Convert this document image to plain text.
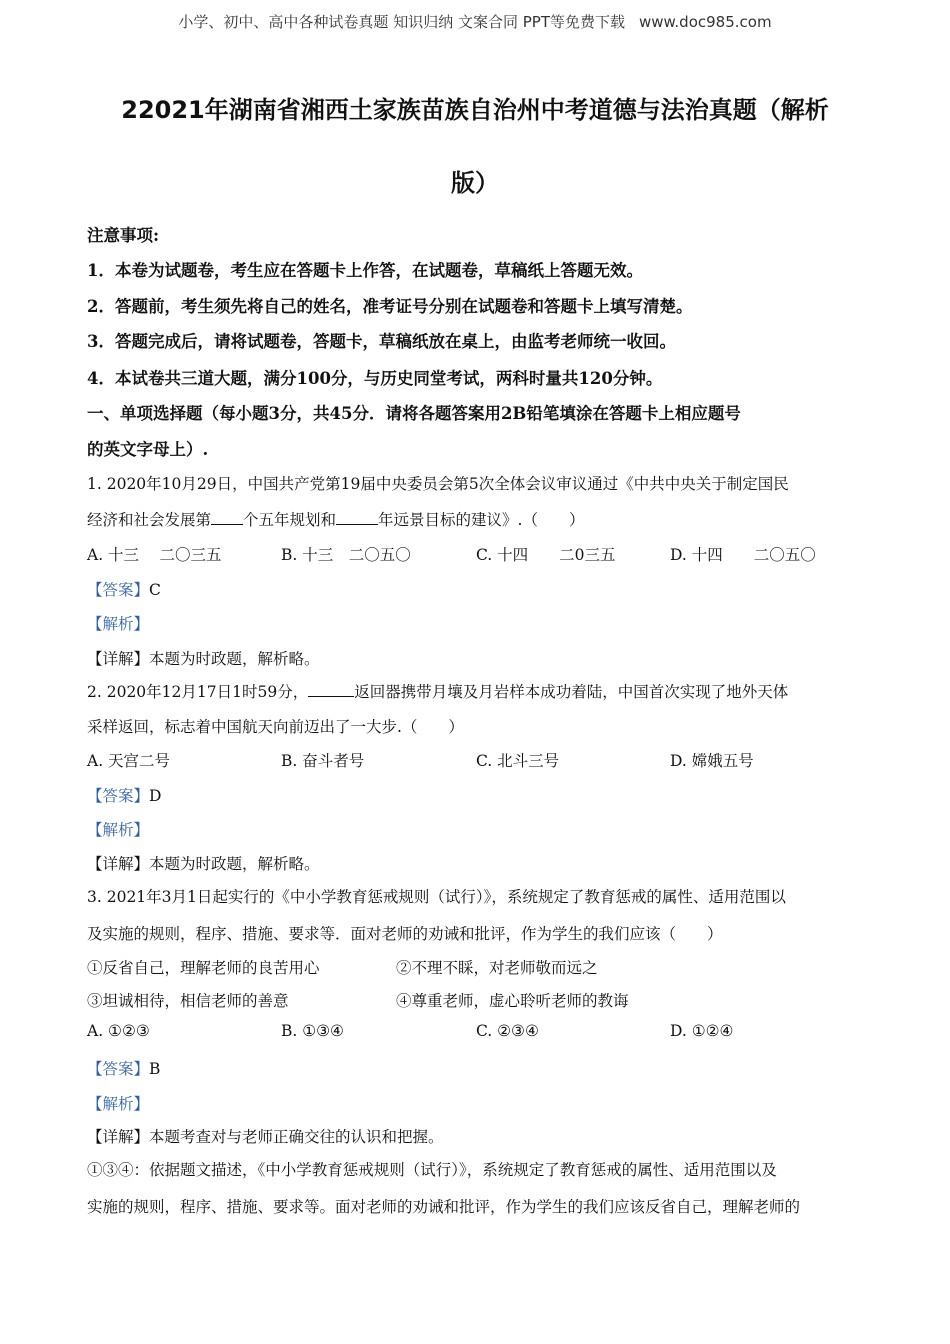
小学、初中、高中各种试卷真题 知识归纳 文案合同 PPT等免费下载 www.doc985.com
22021年湖南省湘西土家族苗族自治州中考道德与法治真题（解析
版）
注意事项:
1．本卷为试题卷，考生应在答题卡上作答，在试题卷，草稿纸上答题无效。
2．答题前，考生须先将自己的姓名，准考证号分别在试题卷和答题卡上填写清楚。
3．答题完成后，请将试题卷，答题卡，草稿纸放在桌上，由监考老师统一收回。
4．本试卷共三道大题，满分100分，与历史同堂考试，两科时量共120分钟。
一、单项选择题（每小题3分，共45分．请将各题答案用2B铅笔填涂在答题卡上相应题号
的英文字母上）.
1. 2020年10月29日，中国共产党第19届中央委员会第5次全体会议审议通过《中共中央关于制定国民
经济和社会发展第 个五年规划和	年远景目标的建议》.（　　）
A. 十三　 二〇三五	B. 十三　二〇五〇	C. 十四　　二0三五	D. 十四　　二〇五〇
【答案】C
【解析】
【详解】本题为时政题，解析略。
2. 2020年12月17日1时59分，	返回器携带月壤及月岩样本成功着陆，中国首次实现了地外天体
采样返回，标志着中国航天向前迈出了一大步.（　　）
A. 天宫二号	B. 奋斗者号	C. 北斗三号	D. 嫦娥五号
【答案】D
【解析】
【详解】本题为时政题，解析略。
3. 2021年3月1日起实行的《中小学教育惩戒规则（试行）》，系统规定了教育惩戒的属性、适用范围以
及实施的规则，程序、措施、要求等．面对老师的劝诫和批评，作为学生的我们应该（　　）
①反省自己，理解老师的良苦用心	②不理不睬，对老师敬而远之
③坦诚相待，相信老师的善意	④尊重老师，虚心聆听老师的教诲
A. ①②③	B. ①③④	C. ②③④	D. ①②④
【答案】B
【解析】
【详解】本题考查对与老师正确交往的认识和把握。
①③④：依据题文描述，《中小学教育惩戒规则（试行）》，系统规定了教育惩戒的属性、适用范围以及
实施的规则，程序、措施、要求等。面对老师的劝诫和批评，作为学生的我们应该反省自己，理解老师的
